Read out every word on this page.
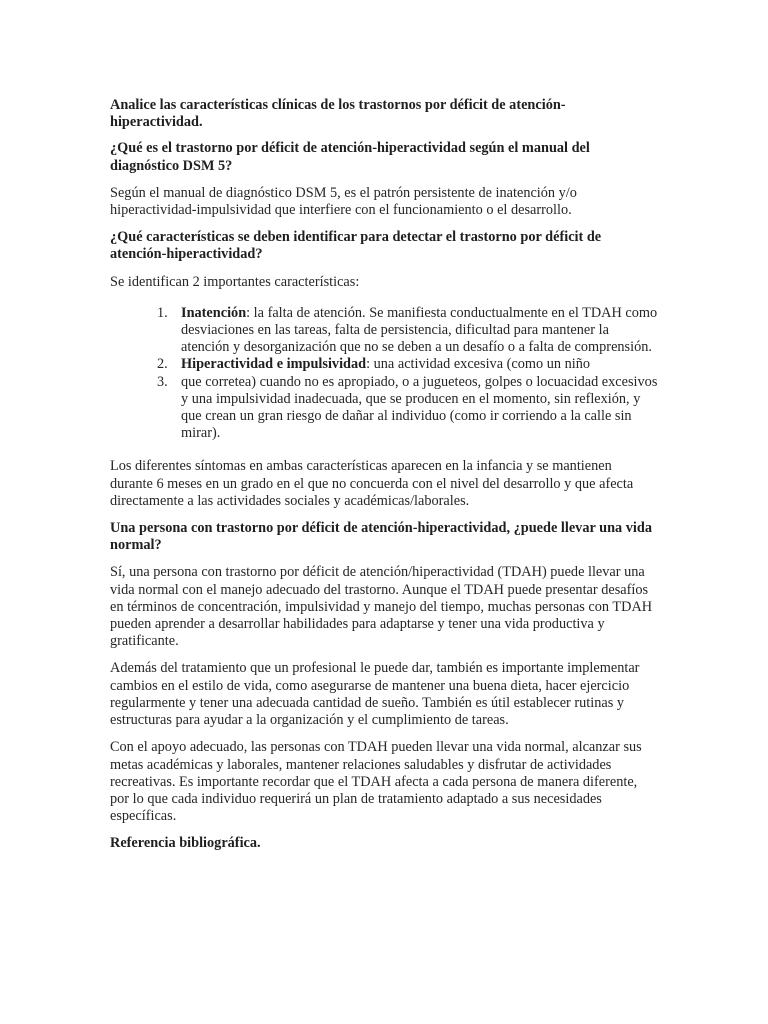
Analice las características clínicas de los trastornos por déficit de atención-hiperactividad.

¿Qué es el trastorno por déficit de atención-hiperactividad según el manual del diagnóstico DSM 5?

Según el manual de diagnóstico DSM 5, es el patrón persistente de inatención y/o hiperactividad-impulsividad que interfiere con el funcionamiento o el desarrollo.

¿Qué características se deben identificar para detectar el trastorno por déficit de atención-hiperactividad?

Se identifican 2 importantes características:

1. Inatención: la falta de atención. Se manifiesta conductualmente en el TDAH como desviaciones en las tareas, falta de persistencia, dificultad para mantener la atención y desorganización que no se deben a un desafío o a falta de comprensión.
2. Hiperactividad e impulsividad: una actividad excesiva (como un niño
3. que corretea) cuando no es apropiado, o a jugueteos, golpes o locuacidad excesivos y una impulsividad inadecuada, que se producen en el momento, sin reflexión, y que crean un gran riesgo de dañar al individuo (como ir corriendo a la calle sin mirar).

Los diferentes síntomas en ambas características aparecen en la infancia y se mantienen durante 6 meses en un grado en el que no concuerda con el nivel del desarrollo y que afecta directamente a las actividades sociales y académicas/laborales.

Una persona con trastorno por déficit de atención-hiperactividad, ¿puede llevar una vida normal?

Sí, una persona con trastorno por déficit de atención/hiperactividad (TDAH) puede llevar una vida normal con el manejo adecuado del trastorno. Aunque el TDAH puede presentar desafíos en términos de concentración, impulsividad y manejo del tiempo, muchas personas con TDAH pueden aprender a desarrollar habilidades para adaptarse y tener una vida productiva y gratificante.

Además del tratamiento que un profesional le puede dar, también es importante implementar cambios en el estilo de vida, como asegurarse de mantener una buena dieta, hacer ejercicio regularmente y tener una adecuada cantidad de sueño. También es útil establecer rutinas y estructuras para ayudar a la organización y el cumplimiento de tareas.

Con el apoyo adecuado, las personas con TDAH pueden llevar una vida normal, alcanzar sus metas académicas y laborales, mantener relaciones saludables y disfrutar de actividades recreativas. Es importante recordar que el TDAH afecta a cada persona de manera diferente, por lo que cada individuo requerirá un plan de tratamiento adaptado a sus necesidades específicas.

Referencia bibliográfica.
